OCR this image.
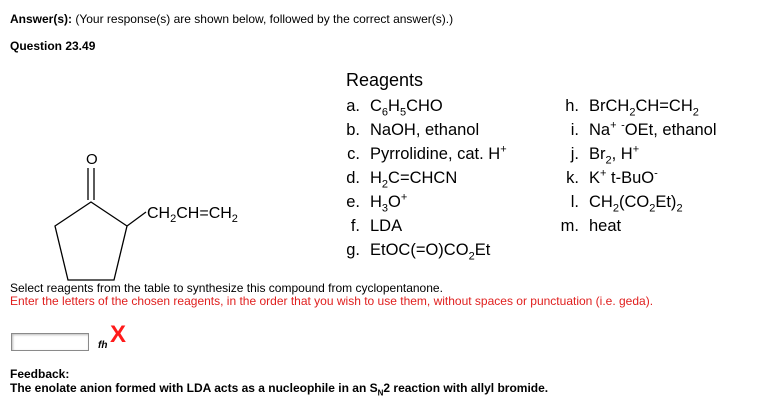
Answer(s): (Your response(s) are shown below, followed by the correct answer(s).)
Question 23.49
O
$CH_2CH=CH_2$
Reagents
a. $C_6H_5CHO$
b. NaOH, ethanol
c. Pyrrolidine, cat. H+
d. $H_2C=CHCN$
e. $H_3O^+$
f. LDA
g. $EtOC(=O)CO_2Et$
h. $BrCH_2CH=CH_2$
i. Na+ -OEt, ethanol
j. $Br_2$, H+
k. K+ t-BuO-
l. $CH_2(CO_2Et)_2$
m. heat
Select reagents from the table to synthesize this compound from cyclopentanone.
Enter the letters of the chosen reagents, in the order that you wish to use them, without spaces or punctuation (i.e. geda).
fh X
Feedback:
The enolate anion formed with LDA acts as a nucleophile in an $S_N2$ reaction with allyl bromide.
